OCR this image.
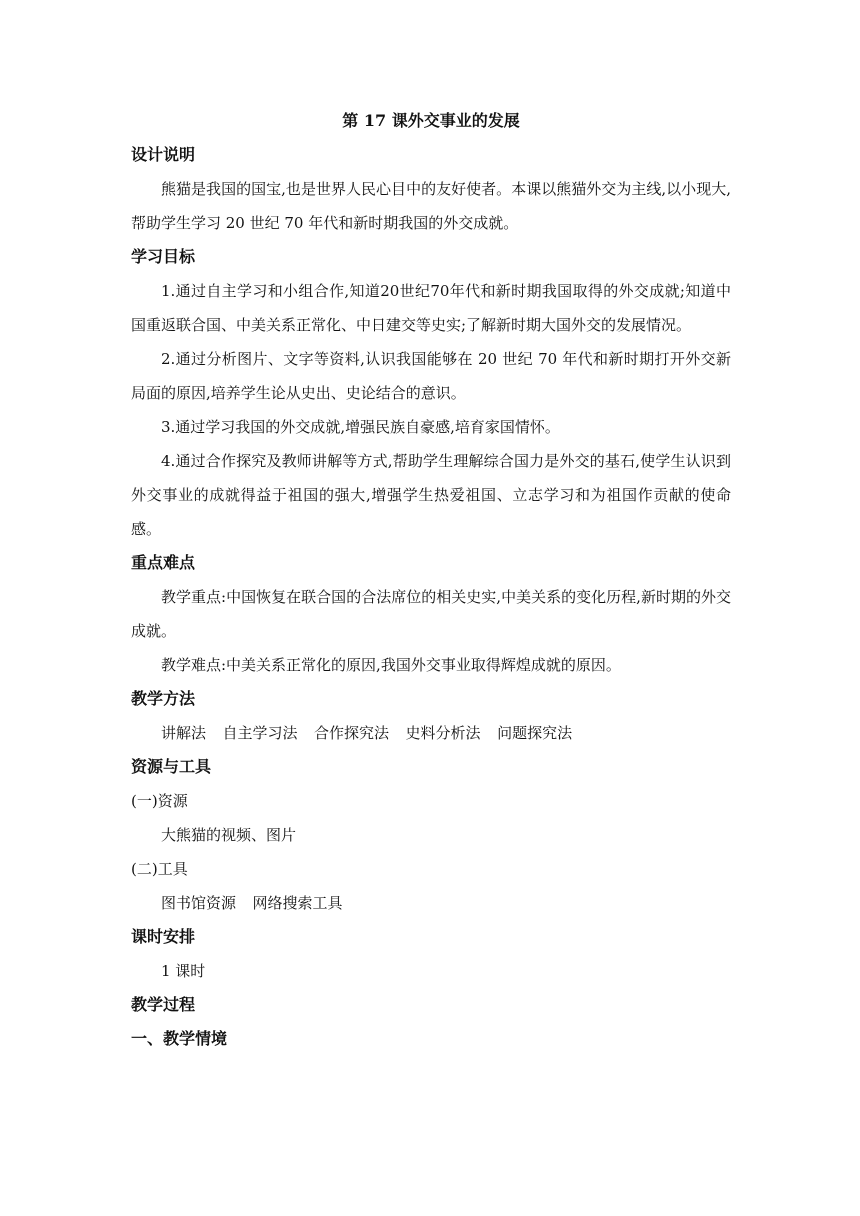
第 17 课外交事业的发展
设计说明
熊猫是我国的国宝,也是世界人民心目中的友好使者。本课以熊猫外交为主线,以小现大,帮助学生学习 20 世纪 70 年代和新时期我国的外交成就。
学习目标
1.通过自主学习和小组合作,知道20世纪70年代和新时期我国取得的外交成就;知道中国重返联合国、中美关系正常化、中日建交等史实;了解新时期大国外交的发展情况。
2.通过分析图片、文字等资料,认识我国能够在 20 世纪 70 年代和新时期打开外交新局面的原因,培养学生论从史出、史论结合的意识。
3.通过学习我国的外交成就,增强民族自豪感,培育家国情怀。
4.通过合作探究及教师讲解等方式,帮助学生理解综合国力是外交的基石,使学生认识到外交事业的成就得益于祖国的强大,增强学生热爱祖国、立志学习和为祖国作贡献的使命感。
重点难点
教学重点:中国恢复在联合国的合法席位的相关史实,中美关系的变化历程,新时期的外交成就。
教学难点:中美关系正常化的原因,我国外交事业取得辉煌成就的原因。
教学方法
讲解法 自主学习法 合作探究法 史料分析法 问题探究法
资源与工具
(一)资源
大熊猫的视频、图片
(二)工具
图书馆资源 网络搜索工具
课时安排
1 课时
教学过程
一、教学情境
